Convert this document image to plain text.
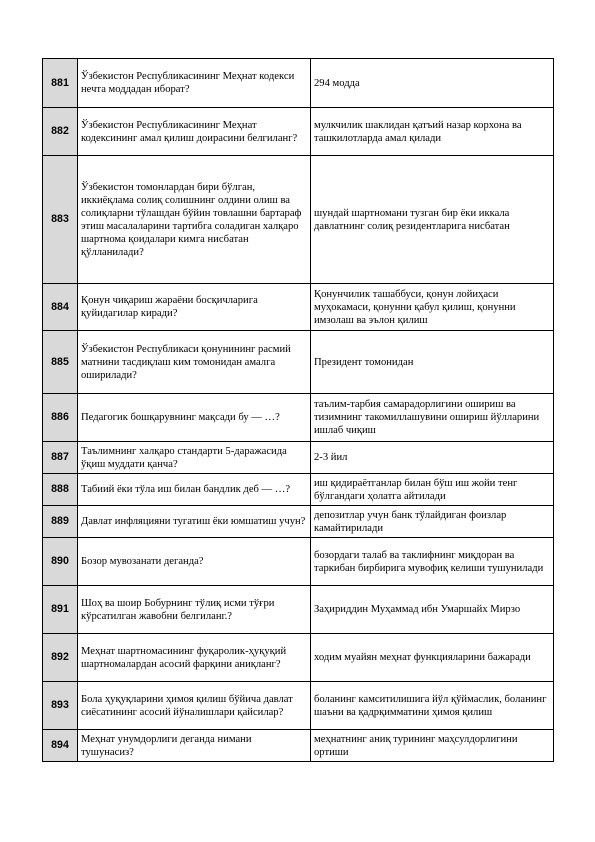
881	Ўзбекистон Республикасининг Меҳнат кодекси нечта моддадан иборат?	294 модда
882	Ўзбекистон Республикасининг Меҳнат кодексининг амал қилиш доирасини белгиланг?	мулкчилик шаклидан қатъий назар корхона ва ташкилотларда амал қилади
883	Ўзбекистон томонлардан бири бўлган, иккиёқлама солиқ солишнинг олдини олиш ва солиқларни тўлашдан бўйин товлашни бартараф этиш масалаларини тартибга соладиган халқаро шартнома қоидалари кимга нисбатан қўлланилади?	шундай шартномани тузган бир ёки иккала давлатнинг солиқ резидентларига нисбатан
884	Қонун чиқариш жараёни босқичларига қуйидагилар киради?	Қонунчилик ташаббуси, қонун лойиҳаси муҳокамаси, қонунни қабул қилиш, қонунни имзолаш ва эълон қилиш
885	Ўзбекистон Республикаси қонунининг расмий матнини тасдиқлаш ким томонидан амалга оширилади?	Президент томонидан
886	Педагогик бошқарувнинг мақсади бу — …?	таълим-тарбия самарадорлигини ошириш ва тизимнинг такомиллашувини ошириш йўлларини ишлаб чиқиш
887	Таълимнинг халқаро стандарти 5-даражасида ўқиш муддати қанча?	2-3 йил
888	Табиий ёки тўла иш билан бандлик деб — …?	иш қидираётганлар билан бўш иш жойи тенг бўлгандаги ҳолатга айтилади
889	Давлат инфляцияни тугатиш ёки юмшатиш учун?	депозитлар учун банк тўлайдиган фоизлар камайтирилади
890	Бозор мувозанати деганда?	бозордаги талаб ва таклифнинг миқдоран ва таркибан бирбирига мувофиқ келиши тушунилади
891	Шоҳ ва шоир Бобурнинг тўлиқ исми тўғри кўрсатилган жавобни белгиланг.?	Заҳириддин Муҳаммад ибн Умаршайх Мирзо
892	Меҳнат шартномасининг фуқаролик-ҳуқуқий шартномалардан асосий фарқини аниқланг?	ходим муайян меҳнат функцияларини бажаради
893	Бола ҳуқуқларини ҳимоя қилиш бўйича давлат сиёсатининг асосий йўналишлари қайсилар?	боланинг камситилишига йўл қўймаслик, боланинг шаъни ва қадрқимматини ҳимоя қилиш
894	Меҳнат унумдорлиги деганда нимани тушунасиз?	меҳнатнинг аниқ турининг маҳсулдорлигини ортиши
